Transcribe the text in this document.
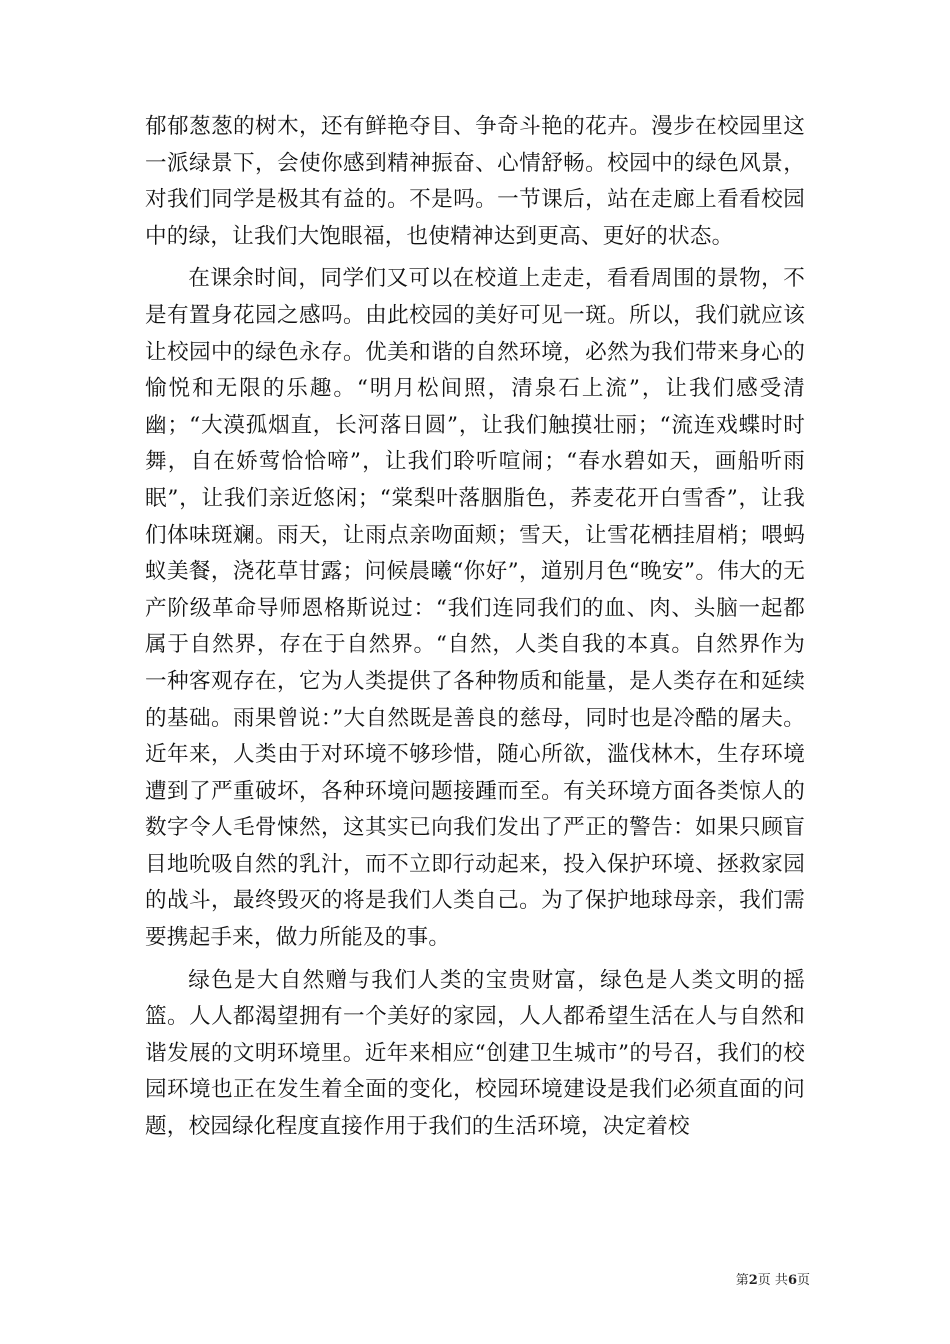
郁郁葱葱的树木，还有鲜艳夺目、争奇斗艳的花卉。漫步在校园里这一派绿景下，会使你感到精神振奋、心情舒畅。校园中的绿色风景，对我们同学是极其有益的。不是吗。一节课后，站在走廊上看看校园中的绿，让我们大饱眼福，也使精神达到更高、更好的状态。

在课余时间，同学们又可以在校道上走走，看看周围的景物，不是有置身花园之感吗。由此校园的美好可见一斑。所以，我们就应该让校园中的绿色永存。优美和谐的自然环境，必然为我们带来身心的愉悦和无限的乐趣。“明月松间照，清泉石上流”，让我们感受清幽；“大漠孤烟直，长河落日圆”，让我们触摸壮丽；“流连戏蝶时时舞，自在娇莺恰恰啼”，让我们聆听喧闹；“春水碧如天，画船听雨眠”，让我们亲近悠闲；“棠梨叶落胭脂色，荞麦花开白雪香”，让我们体味斑斓。雨天，让雨点亲吻面颊；雪天，让雪花栖挂眉梢；喂蚂蚁美餐，浇花草甘露；问候晨曦“你好”，道别月色“晚安”。伟大的无产阶级革命导师恩格斯说过：“我们连同我们的血、肉、头脑一起都属于自然界，存在于自然界。“自然，人类自我的本真。自然界作为一种客观存在，它为人类提供了各种物质和能量，是人类存在和延续的基础。雨果曾说：”大自然既是善良的慈母，同时也是冷酷的屠夫。近年来，人类由于对环境不够珍惜，随心所欲，滥伐林木，生存环境遭到了严重破坏，各种环境问题接踵而至。有关环境方面各类惊人的数字令人毛骨悚然，这其实已向我们发出了严正的警告：如果只顾盲目地吮吸自然的乳汁，而不立即行动起来，投入保护环境、拯救家园的战斗，最终毁灭的将是我们人类自己。为了保护地球母亲，我们需要携起手来，做力所能及的事。

绿色是大自然赠与我们人类的宝贵财富，绿色是人类文明的摇篮。人人都渴望拥有一个美好的家园，人人都希望生活在人与自然和谐发展的文明环境里。近年来相应“创建卫生城市”的号召，我们的校园环境也正在发生着全面的变化，校园环境建设是我们必须直面的问题，校园绿化程度直接作用于我们的生活环境，决定着校

第2页 共6页
